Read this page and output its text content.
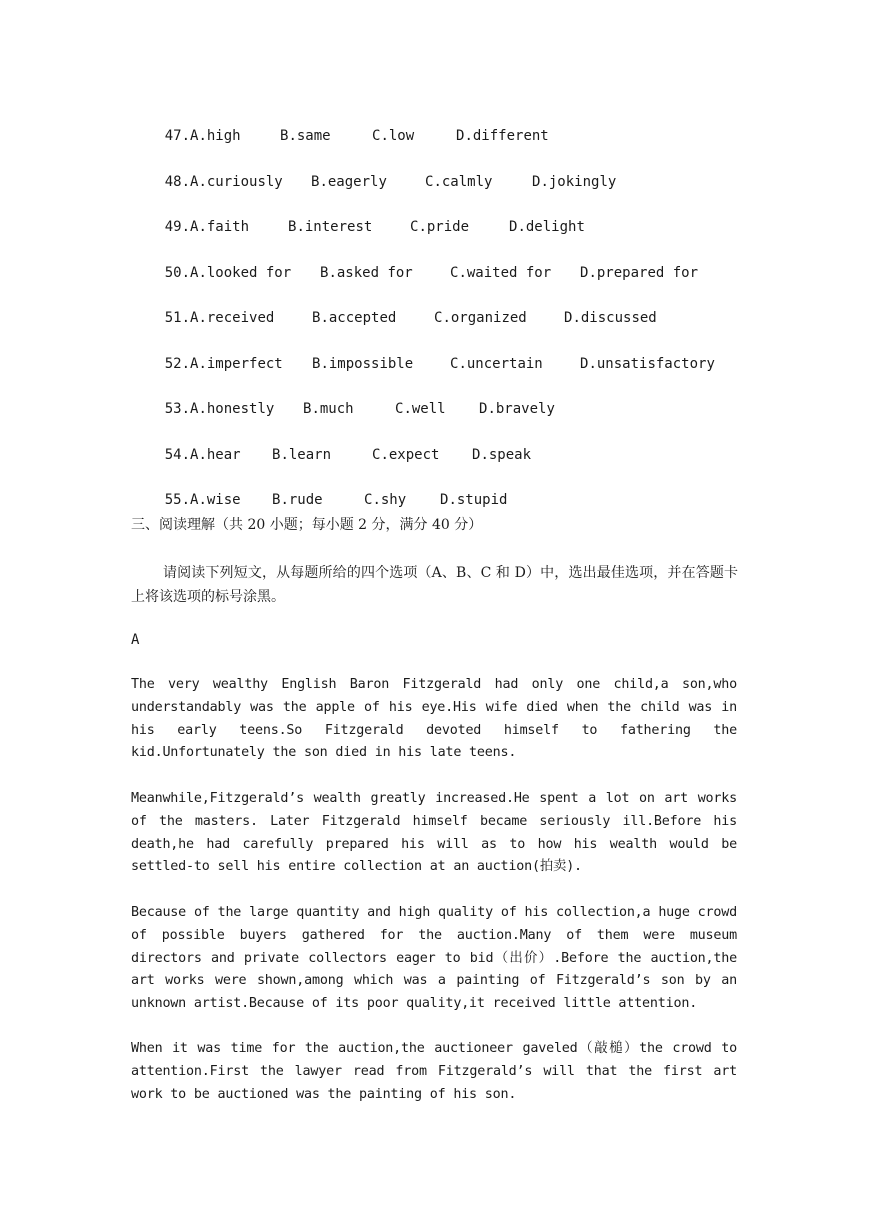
47.A.high	B.same	C.low	D.different

48.A.curiously B.eagerly	C.calmly	D.jokingly

49.A.faith	B.interest	C.pride	D.delight

50.A.looked for B.asked for	C.waited for D.prepared for

51.A.received	B.accepted	C.organized	D.discussed

52.A.imperfect B.impossible	C.uncertain	D.unsatisfactory

53.A.honestly B.much	C.well D.bravely

54.A.hear B.learn	C.expect D.speak

55.A.wise B.rude	C.shy D.stupid

三、阅读理解（共 20 小题；每小题 2 分，满分 40 分）
请阅读下列短文，从每题所给的四个选项（A、B、C 和 D）中，选出最佳选项，并在答题卡上将该选项的标号涂黑。
A
The very wealthy English Baron Fitzgerald had only one child,a son,who understandably was the apple of his eye.His wife died when the child was in his early teens.So Fitzgerald devoted himself to fathering the kid.Unfortunately the son died in his late teens.
Meanwhile,Fitzgerald’s wealth greatly increased.He spent a lot on art works of the masters. Later Fitzgerald himself became seriously ill.Before his death,he had carefully prepared his will as to how his wealth would be settled-to sell his entire collection at an auction(拍卖).
Because of the large quantity and high quality of his collection,a huge crowd of possible buyers gathered for the auction.Many of them were museum directors and private collectors eager to bid（出价）.Before the auction,the art works were shown,among which was a painting of Fitzgerald’s son by an unknown artist.Because of its poor quality,it received little attention.
When it was time for the auction,the auctioneer gaveled（敲槌）the crowd to attention.First the lawyer read from Fitzgerald’s will that the first art work to be auctioned was the painting of his son.
